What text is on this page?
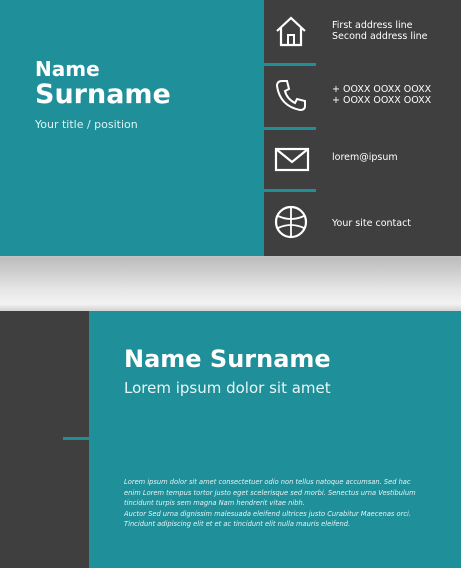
Name
Surname
Your title / position
First address line
Second address line
+ OOXX OOXX OOXX
+ OOXX OOXX OOXX
lorem@ipsum
Your site contact
Name Surname
Lorem ipsum dolor sit amet
Lorem ipsum dolor sit amet consectetuer odio non tellus natoque accumsan. Sed hac
enim Lorem tempus tortor justo eget scelerisque sed morbi. Senectus urna Vestibulum
tincidunt turpis sem magna Nam hendrerit vitae nibh.
Auctor Sed urna dignissim malesuada eleifend ultrices justo Curabitur Maecenas orci.
Tincidunt adipiscing elit et et ac tincidunt elit nulla mauris eleifend.
